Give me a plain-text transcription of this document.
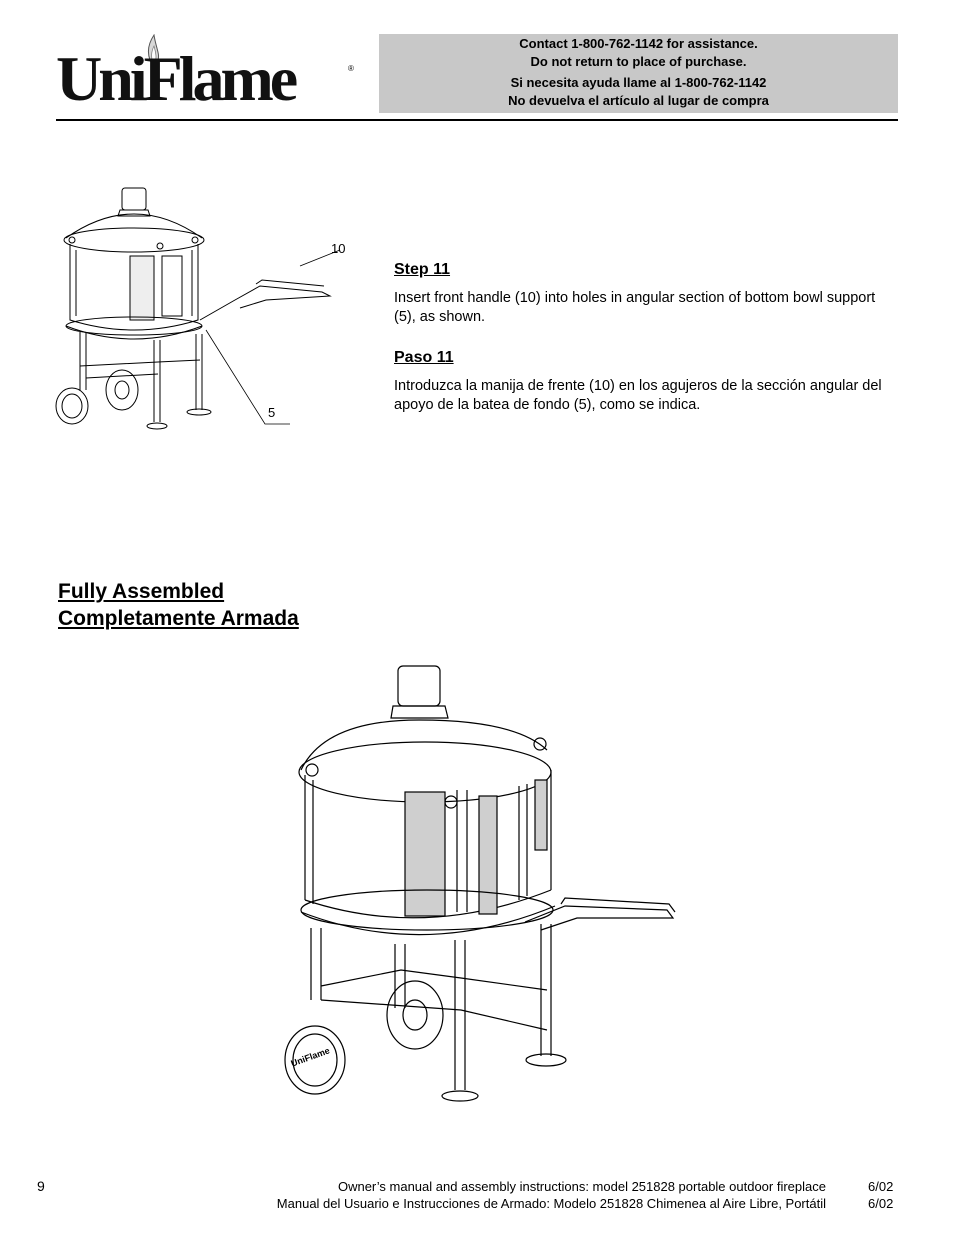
UniFlame	®
Contact 1-800-762-1142 for assistance.
Do not return to place of purchase.
Si necesita ayuda llame al 1-800-762-1142
No devuelva el artículo al lugar de compra
10
5
Step 11

Insert front handle (10) into holes in angular section of bottom bowl support (5), as shown.

Paso 11

Introduzca la manija de frente (10) en los agujeros de la sección angular del apoyo de la batea de fondo (5), como se indica.

Fully Assembled
Completamente Armada
UniFlame
9	Owner’s manual and assembly instructions: model 251828 portable outdoor fireplace
Manual del Usuario e Instrucciones de Armado: Modelo 251828 Chimenea al Aire Libre, Portátil
6/02
6/02
